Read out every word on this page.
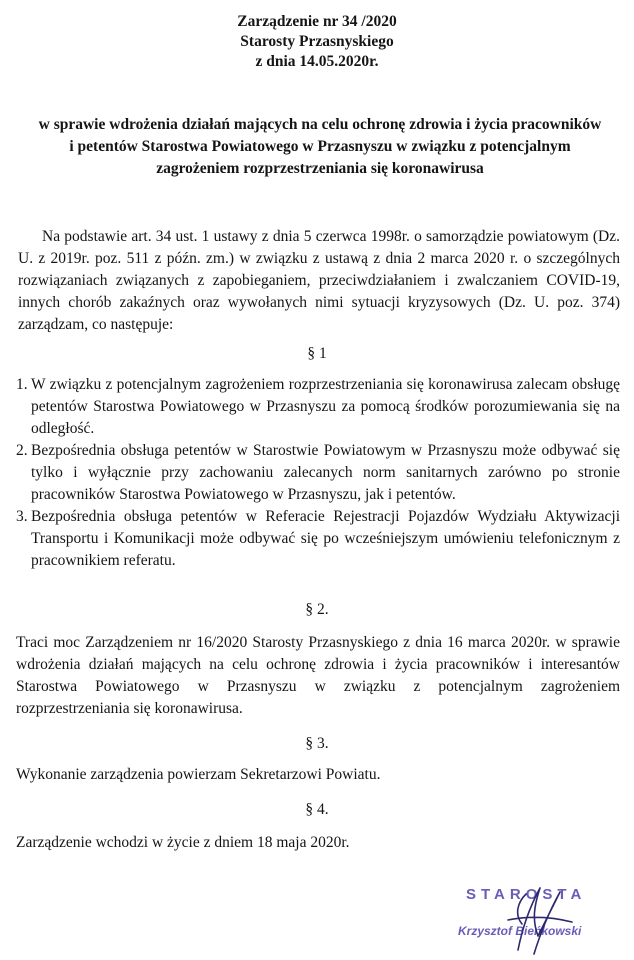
Zarządzenie nr 34 /2020
Starosty Przasnyskiego
z dnia 14.05.2020r.
w sprawie wdrożenia działań mających na celu ochronę zdrowia i życia pracowników
i petentów Starostwa Powiatowego w Przasnyszu w związku z potencjalnym
zagrożeniem rozprzestrzeniania się koronawirusa
Na podstawie art. 34 ust. 1 ustawy z dnia 5 czerwca 1998r. o samorządzie powiatowym (Dz. U. z 2019r. poz. 511 z późn. zm.) w związku z ustawą z dnia 2 marca 2020 r. o szczególnych rozwiązaniach związanych z zapobieganiem, przeciwdziałaniem i zwalczaniem COVID-19, innych chorób zakaźnych oraz wywołanych nimi sytuacji kryzysowych (Dz. U. poz. 374) zarządzam, co następuje:
§ 1
1. W związku z potencjalnym zagrożeniem rozprzestrzeniania się koronawirusa zalecam obsługę petentów Starostwa Powiatowego w Przasnyszu za pomocą środków porozumiewania się na odległość.
2. Bezpośrednia obsługa petentów w Starostwie Powiatowym w Przasnyszu może odbywać się tylko i wyłącznie przy zachowaniu zalecanych norm sanitarnych zarówno po stronie pracowników Starostwa Powiatowego w Przasnyszu, jak i petentów.
3. Bezpośrednia obsługa petentów w Referacie Rejestracji Pojazdów Wydziału Aktywizacji Transportu i Komunikacji może odbywać się po wcześniejszym umówieniu telefonicznym z pracownikiem referatu.
§ 2.
Traci moc Zarządzeniem nr 16/2020 Starosty Przasnyskiego z dnia 16 marca 2020r. w sprawie wdrożenia działań mających na celu ochronę zdrowia i życia pracowników i interesantów Starostwa Powiatowego w Przasnyszu w związku z potencjalnym zagrożeniem rozprzestrzeniania się koronawirusa.
§ 3.
Wykonanie zarządzenia powierzam Sekretarzowi Powiatu.
§ 4.
Zarządzenie wchodzi w życie z dniem 18 maja 2020r.
STAROSTA
Krzysztof Bieńkowski
